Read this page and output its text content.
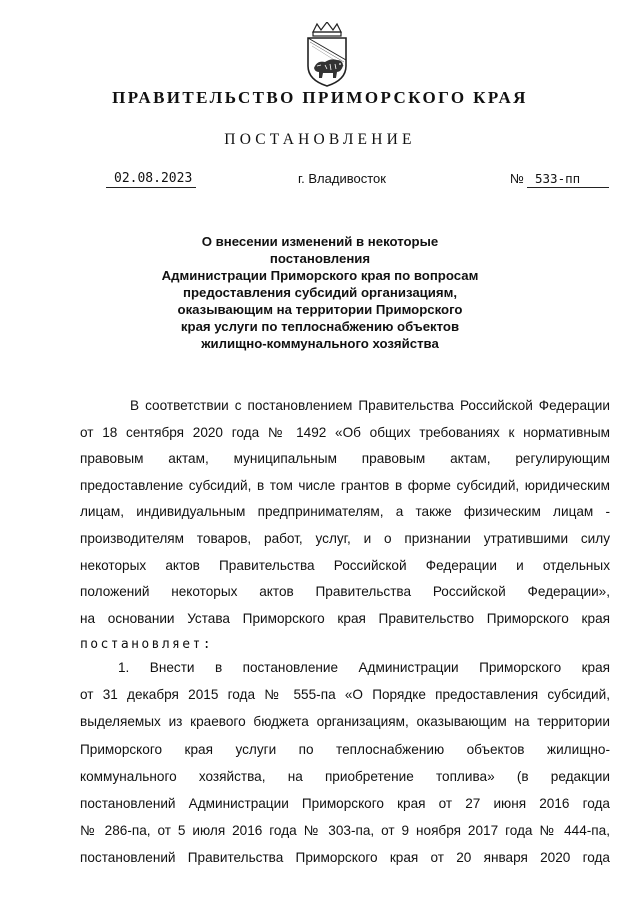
ПРАВИТЕЛЬСТВО ПРИМОРСКОГО КРАЯ
ПОСТАНОВЛЕНИЕ
02.08.2023	г. Владивосток	№ 533-пп
О внесении изменений в некоторые постановления
Администрации Приморского края по вопросам
предоставления субсидий организациям,
оказывающим на территории Приморского
края услуги по теплоснабжению объектов
жилищно-коммунального хозяйства
В соответствии с постановлением Правительства Российской Федерации
от 18 сентября 2020 года № 1492 «Об общих требованиях к нормативным
правовым актам, муниципальным правовым актам, регулирующим
предоставление субсидий, в том числе грантов в форме субсидий, юридическим
лицам, индивидуальным предпринимателям, а также физическим лицам -
производителям товаров, работ, услуг, и о признании утратившими силу
некоторых актов Правительства Российской Федерации и отдельных
положений некоторых актов Правительства Российской Федерации»,
на основании Устава Приморского края Правительство Приморского края
постановляет:
1. Внести в постановление Администрации Приморского края
от 31 декабря 2015 года № 555-па «О Порядке предоставления субсидий,
выделяемых из краевого бюджета организациям, оказывающим на территории
Приморского края услуги по теплоснабжению объектов жилищно-
коммунального хозяйства, на приобретение топлива» (в редакции
постановлений Администрации Приморского края от 27 июня 2016 года
№ 286-па, от 5 июля 2016 года № 303-па, от 9 ноября 2017 года № 444-па,
постановлений Правительства Приморского края от 20 января 2020 года
